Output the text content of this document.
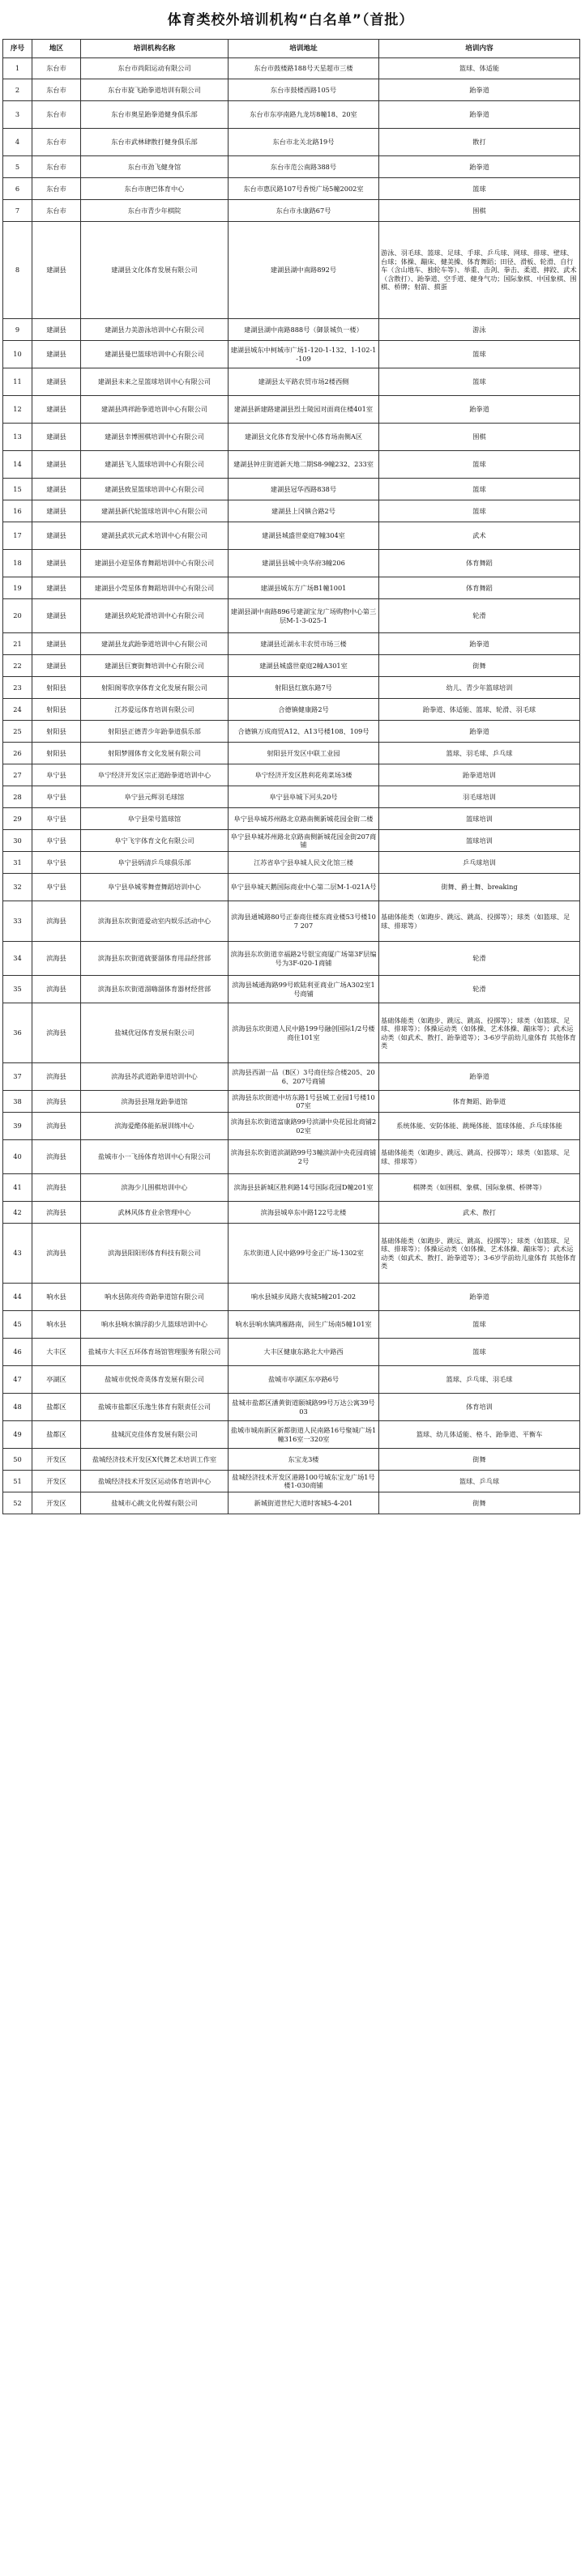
体育类校外培训机构“白名单”（首批）
序号	地区	培训机构名称	培训地址	培训内容
1	东台市	东台市尚阳运动有限公司	东台市鼓楼路188号天星超市三楼	篮球、体适能
2	东台市	东台市旋飞跆拳道培训有限公司	东台市鼓楼西路105号	跆拳道
3	东台市	东台市奥星跆拳道健身俱乐部	东台市东亭南路九龙坊8幢18、20室	跆拳道
4	东台市	东台市武林肆散打健身俱乐部	东台市北关北路19号	散打
5	东台市	东台市劲飞健身馆	东台市范公南路388号	跆拳道
6	东台市	东台市唐巴体育中心	东台市惠民路107号香悦广场5幢2002室	篮球
7	东台市	东台市青少年棋院	东台市永康路67号	围棋
8	建湖县	建湖县文化体育发展有限公司	建湖县湖中南路892号	游泳、羽毛球、篮球、足球、手球、乒乓球、网球、排球、壁球、台球；体操、蹦床、健美操、体育舞蹈；田径、滑板、轮滑、自行车（含山地车、独轮车等）、举重、击剑、拳击、柔道、摔跤、武术（含散打）、跆拳道、空手道、健身气功；国际象棋、中国象棋、围棋、桥牌；射箭、掼蛋
9	建湖县	建湖县力美游泳培训中心有限公司	建湖县湖中南路888号（御景城负一楼）	游泳
10	建湖县	建湖县曼巴篮球培训中心有限公司	建湖县城东中柯城市广场1-120-1-132、1-102-1-109	篮球
11	建湖县	建湖县未来之星篮球培训中心有限公司	建湖县太平路农贸市场2楼西侧	篮球
12	建湖县	建湖县鸿祥跆拳道培训中心有限公司	建湖县新建路建湖县烈士陵园对面商住楼401室	跆拳道
13	建湖县	建湖县幸博围棋培训中心有限公司	建湖县文化体育发展中心体育场南侧A区	围棋
14	建湖县	建湖县飞人篮球培训中心有限公司	建湖县钟庄街道新天地二期S8-9幢232、233室	篮球
15	建湖县	建湖县致星篮球培训中心有限公司	建湖县冠华西路838号	篮球
16	建湖县	建湖县新代轮篮球培训中心有限公司	建湖县上冈镇合路2号	篮球
17	建湖县	建湖县武状元武术培训中心有限公司	建湖县城盛世豪庭7幢304室	武术
18	建湖县	建湖县小迎星体育舞蹈培训中心有限公司	建湖县县城中央华府3幢206	体育舞蹈
19	建湖县	建湖县小莞星体育舞蹈培训中心有限公司	建湖县城东方广场B1幢1001	体育舞蹈
20	建湖县	建湖县玖屹轮滑培训中心有限公司	建湖县湖中南路896号建湖宝龙广场购物中心第三层M-1-3-025-1	轮滑
21	建湖县	建湖县龙武跆拳道培训中心有限公司	建湖县近湖永丰农贸市场三楼	跆拳道
22	建湖县	建湖县巨赛街舞培训中心有限公司	建湖县城盛世豪庭2幢A301室	街舞
23	射阳县	射阳阁零欣享体育文化发展有限公司	射阳县红旗东路7号	幼儿、青少年篮球培训
24	射阳县	江苏爱远体育培训有限公司	合德镇健康路2号	跆拳道、体适能、篮球、轮滑、羽毛球
25	射阳县	射阳县正德青少年跆拳道俱乐部	合德镇万成商贸A12、A13号楼108、109号	跆拳道
26	射阳县	射阳梦圆体育文化发展有限公司	射阳县开发区中联工业园	篮球、羽毛球、乒乓球
27	阜宁县	阜宁经济开发区宗正道跆拳道培训中心	阜宁经济开发区胜利花苑菜场3楼	跆拳道培训
28	阜宁县	阜宁县元辉羽毛球馆	阜宁县阜城下河头20号	羽毛球培训
29	阜宁县	阜宁县荣号篮球馆	阜宁县阜城苏州路北京路南侧新城花园金街二楼	篮球培训
30	阜宁县	阜宁飞宇体育文化有限公司	阜宁县阜城苏州路北京路南侧新城花园金街207商铺	篮球培训
31	阜宁县	阜宁县炳清乒乓球俱乐部	江苏省阜宁县阜城人民文化馆三楼	乒乓球培训
32	阜宁县	阜宁县阜城零舞壹舞蹈培训中心	阜宁县阜城天鹅国际商业中心第二层M-1-021A号	街舞、爵士舞、breaking
33	滨海县	滨海县东坎街道爱动室内娱乐活动中心	滨海县通城路80号正泰商住楼东商业楼53号楼107 207	基础体能类（如跑步、跳远、跳高、投掷等）；球类（如篮球、足球、排球等）
34	滨海县	滨海县东坎街道就要溜体育用品经营部	滨海县东坎街道幸福路2号银宝商厦广场第3F层编号为3F-020-1商铺	轮滑
35	滨海县	滨海县东坎街道溜嗨溜体育器材经营部	滨海县城通海路99号欧陆利亚商业广场A302室1号商铺	轮滑
36	滨海县	盐城优冠体育发展有限公司	滨海县东坎街道人民中路199号融创国际1/2号楼商住101室	基础体能类（如跑步、跳远、跳高、投掷等）；球类（如篮球、足球、排球等）；体操运动类（如体操、艺术体操、蹦床等）；武术运动类（如武术、散打、跆拳道等）；3-6岁学前幼儿童体育 其他体育类
37	滨海县	滨海县苏武道跆拳道培训中心	滨海县西湖一品（B区）3号商住综合楼205、206、207号商铺	跆拳道
38	滨海县	滨海县县翔龙跆拳道馆	滨海县东坎街道中坊东路1号县城工业园1号楼1007室	体育舞蹈、跆拳道
39	滨海县	滨海爱酷体能拓展训练中心	滨海县东坎街道富康路99号滨湖中央花园北商铺202室	系统体能、安防体能、跳绳体能、篮球体能、乒乓球体能
40	滨海县	盐城市小一飞扬体育培训中心有限公司	滨海县东坎街道滨湖路99号3幢滨湖中央花园商铺2号	基础体能类（如跑步、跳远、跳高、投掷等）；球类（如篮球、足球、排球等）
41	滨海县	滨海少儿围棋培训中心	滨海县县新城区胜利路14号国际花园D幢201室	棋牌类（如围棋、象棋、国际象棋、桥牌等）
42	滨海县	武林风体育业余管理中心	滨海县城阜东中路122号北楼	武术、散打
43	滨海县	滨海县阳阳形体育科技有限公司	东坎街道人民中路99号金正广场-1302室	基础体能类（如跑步、跳远、跳高、投掷等）；球类（如篮球、足球、排球等）；体操运动类（如体操、艺术体操、蹦床等）；武术运动类（如武术、散打、跆拳道等）；3-6岁学前幼儿童体育 其他体育类
44	响水县	响水县陈亮传奇跆拳道馆有限公司	响水县城步凤路大夜城5幢201-202	跆拳道
45	响水县	响水县响水镇浮韵少儿篮球培训中心	响水县响水镇鸿雁路南，回生广场南5幢101室	篮球
46	大丰区	盐城市大丰区五环体育场馆管理服务有限公司	大丰区健康东路北大中路西	篮球
47	亭湖区	盐城市优悦奇英体育发展有限公司	盐城市亭湖区东亭路6号	篮球、乒乓球、羽毛球
48	盐都区	盐城市盐都区乐逸生体育有限责任公司	盐城市盐都区潘黄街道颐城路99号万达公寓39号03	体育培训
49	盐都区	盐城沉克佳体育发展有限公司	盐城市城南新区新都街道人民南路16号聚城广场1幢316室一320室	篮球、幼儿体适能、格斗、跆拳道、平衡车
50	开发区	盐城经济技术开发区X代舞艺术培训工作室	东宝龙3楼	街舞
51	开发区	盐城经济技术开发区运动体育培训中心	盐城经济技术开发区港路100号城东宝龙广场1号楼1-030商铺	篮球、乒乓球
52	开发区	盐城市心跳文化传媒有限公司	新城街道世纪大道时客城5-4-201	街舞
